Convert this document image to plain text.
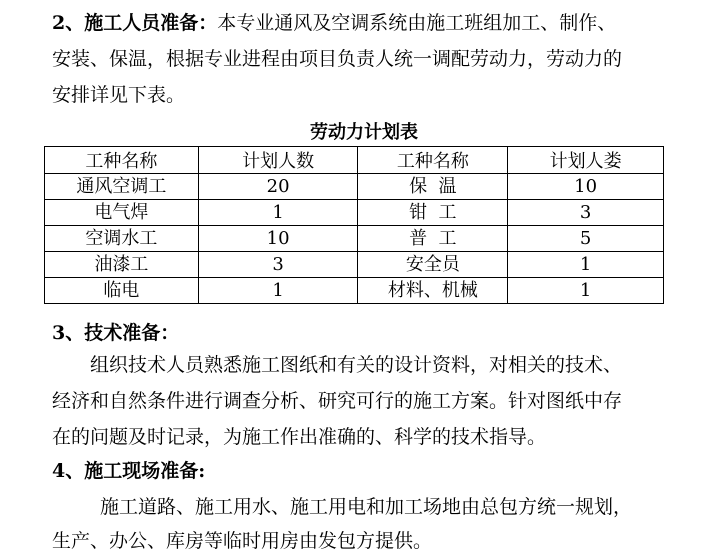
2、施工人员准备：本专业通风及空调系统由施工班组加工、制作、
安装、保温，根据专业进程由项目负责人统一调配劳动力，劳动力的
安排详见下表。
劳动力计划表
工种名称	计划人数	工种名称	计划人娄
通风空调工	20	保  温	10
电气焊	1	钳  工	3
空调水工	10	普  工	5
油漆工	3	安全员	1
临电	1	材料、机械	1
3、技术准备：
组织技术人员熟悉施工图纸和有关的设计资料，对相关的技术、
经济和自然条件进行调查分析、研究可行的施工方案。针对图纸中存
在的问题及时记录，为施工作出准确的、科学的技术指导。
4、施工现场准备:
施工道路、施工用水、施工用电和加工场地由总包方统一规划，
生产、办公、库房等临时用房由发包方提供。
